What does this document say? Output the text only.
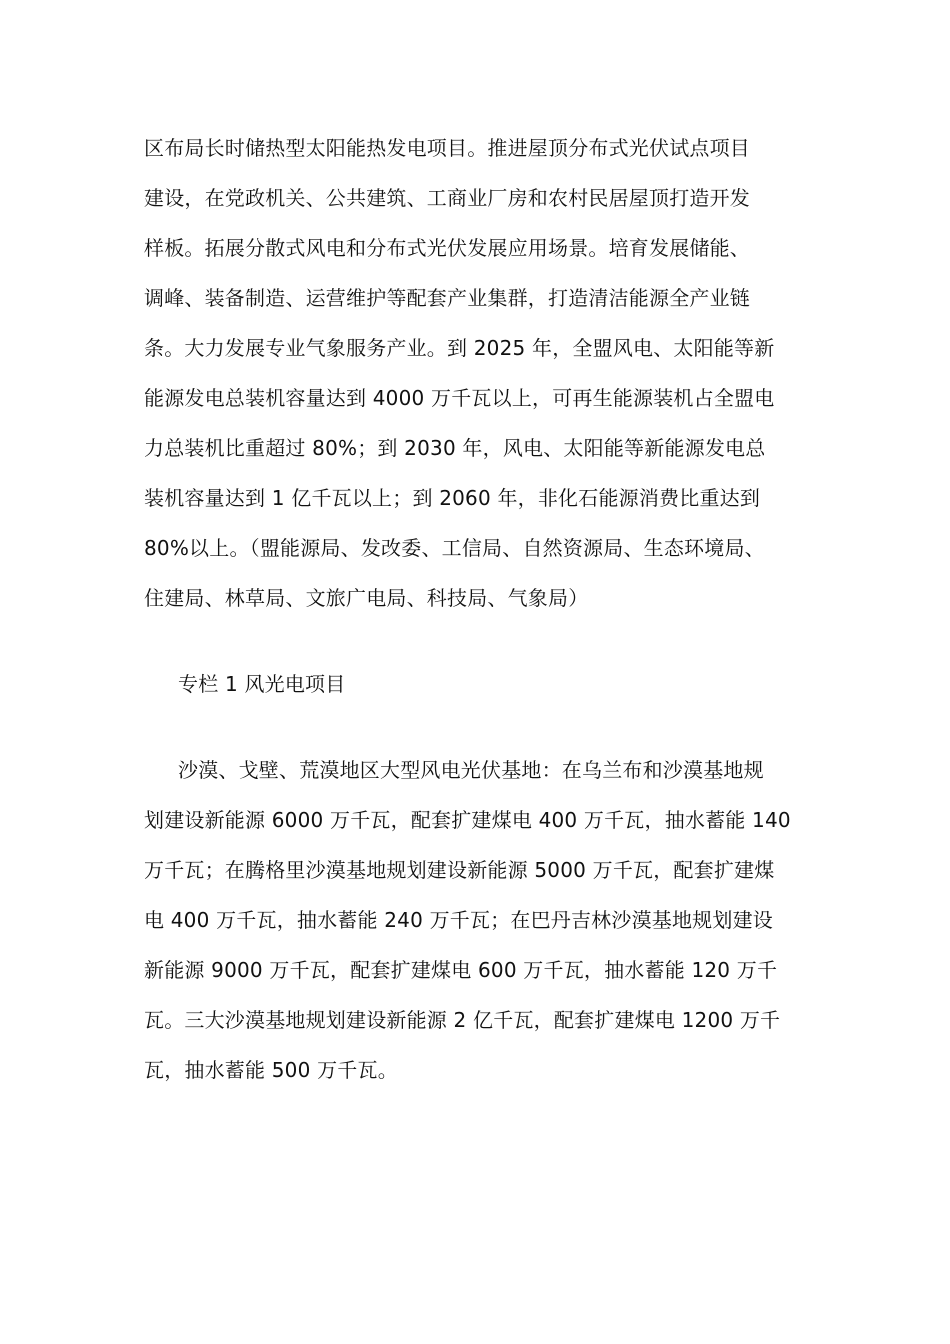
区布局长时储热型太阳能热发电项目。推进屋顶分布式光伏试点项目
建设，在党政机关、公共建筑、工商业厂房和农村民居屋顶打造开发
样板。拓展分散式风电和分布式光伏发展应用场景。培育发展储能、
调峰、装备制造、运营维护等配套产业集群，打造清洁能源全产业链
条。大力发展专业气象服务产业。到 2025 年，全盟风电、太阳能等新
能源发电总装机容量达到 4000 万千瓦以上，可再生能源装机占全盟电
力总装机比重超过 80%；到 2030 年，风电、太阳能等新能源发电总
装机容量达到 1 亿千瓦以上；到 2060 年，非化石能源消费比重达到
80%以上。（盟能源局、发改委、工信局、自然资源局、生态环境局、
住建局、林草局、文旅广电局、科技局、气象局）
专栏 1 风光电项目
沙漠、戈壁、荒漠地区大型风电光伏基地：在乌兰布和沙漠基地规
划建设新能源 6000 万千瓦，配套扩建煤电 400 万千瓦，抽水蓄能 140
万千瓦；在腾格里沙漠基地规划建设新能源 5000 万千瓦，配套扩建煤
电 400 万千瓦，抽水蓄能 240 万千瓦；在巴丹吉林沙漠基地规划建设
新能源 9000 万千瓦，配套扩建煤电 600 万千瓦，抽水蓄能 120 万千
瓦。三大沙漠基地规划建设新能源 2 亿千瓦，配套扩建煤电 1200 万千
瓦，抽水蓄能 500 万千瓦。
